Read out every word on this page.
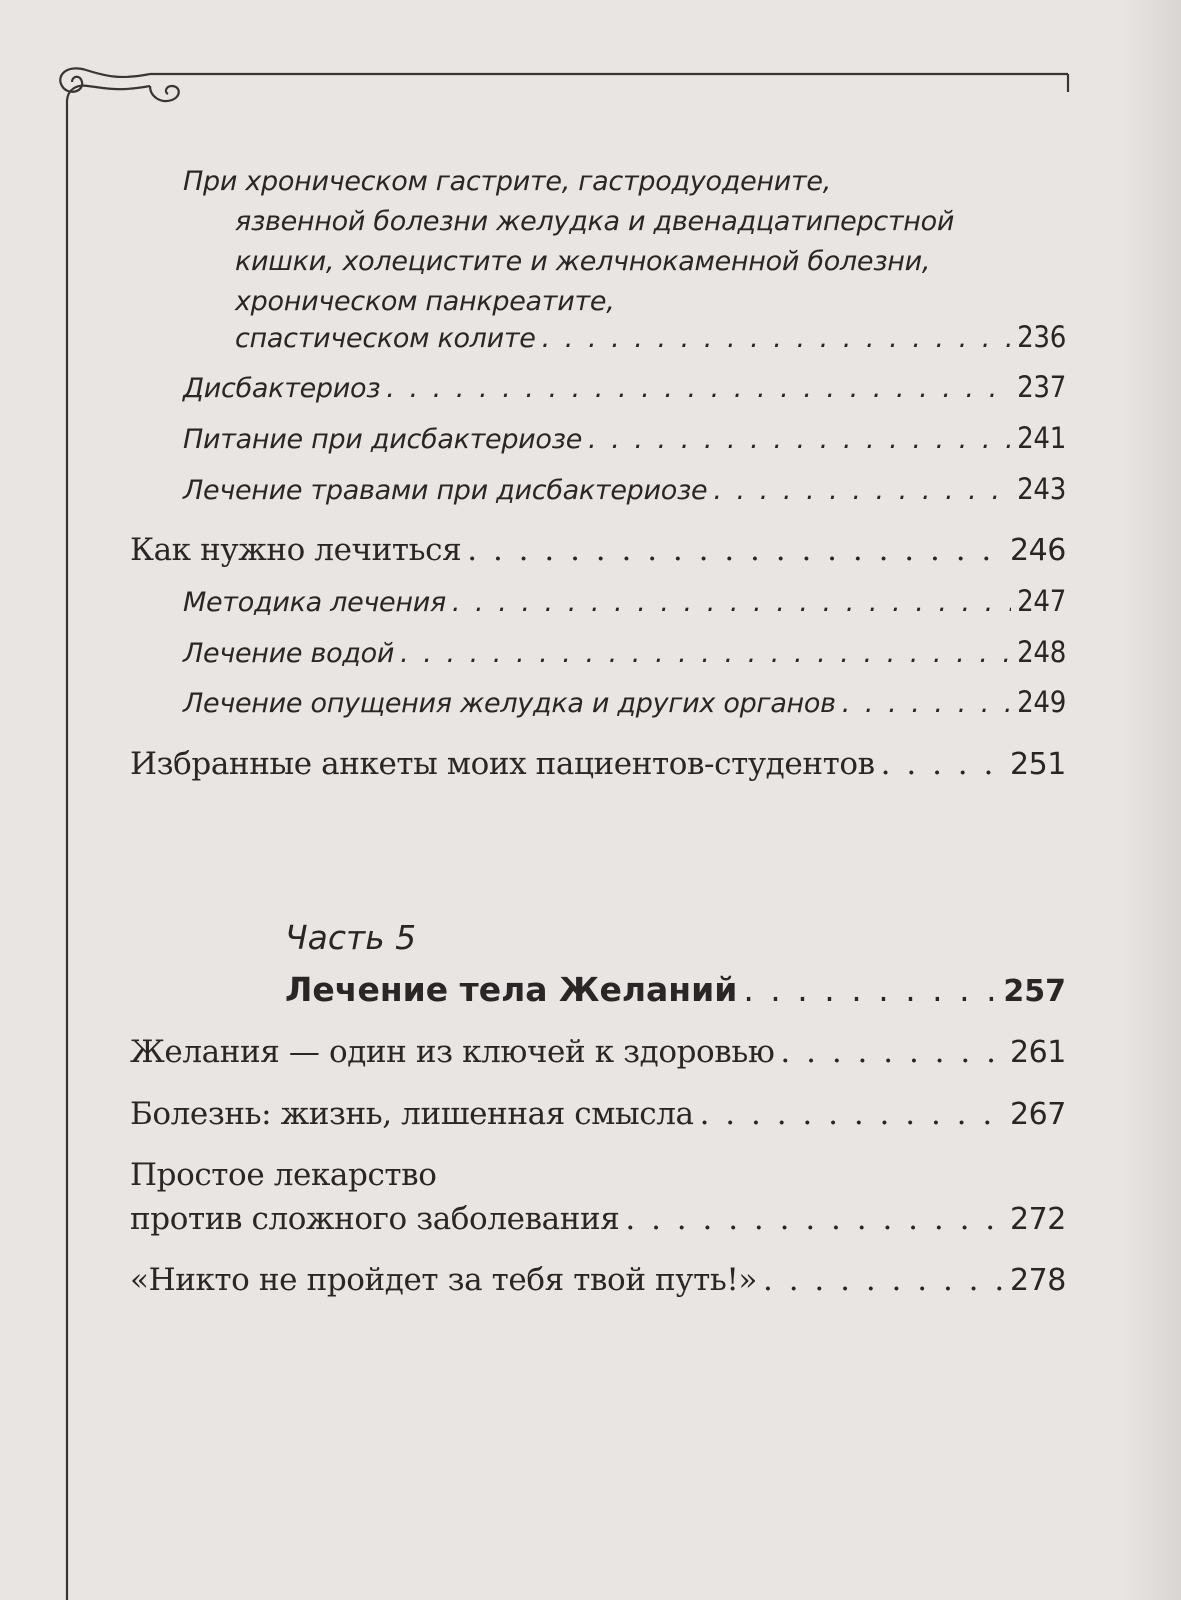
При хроническом гастрите, гастродуодените,
язвенной болезни желудка и двенадцатиперстной
кишки, холецистите и желчнокаменной болезни,
хроническом панкреатите,
спастическом колите . . .	236
Дисбактериоз . . .	237
Питание при дисбактериозе . . .	241
Лечение травами при дисбактериозе . . .	243
Как нужно лечиться . . .	246
Методика лечения . . .	247
Лечение водой . . .	248
Лечение опущения желудка и других органов . . .	249
Избранные анкеты моих пациентов-студентов . . .	251
Часть 5
Лечение тела Желаний . . .	257
Желания — один из ключей к здоровью . . .	261
Болезнь: жизнь, лишенная смысла . . .	267
Простое лекарство
против сложного заболевания . . .	272
«Никто не пройдет за тебя твой путь!» . . .	278
